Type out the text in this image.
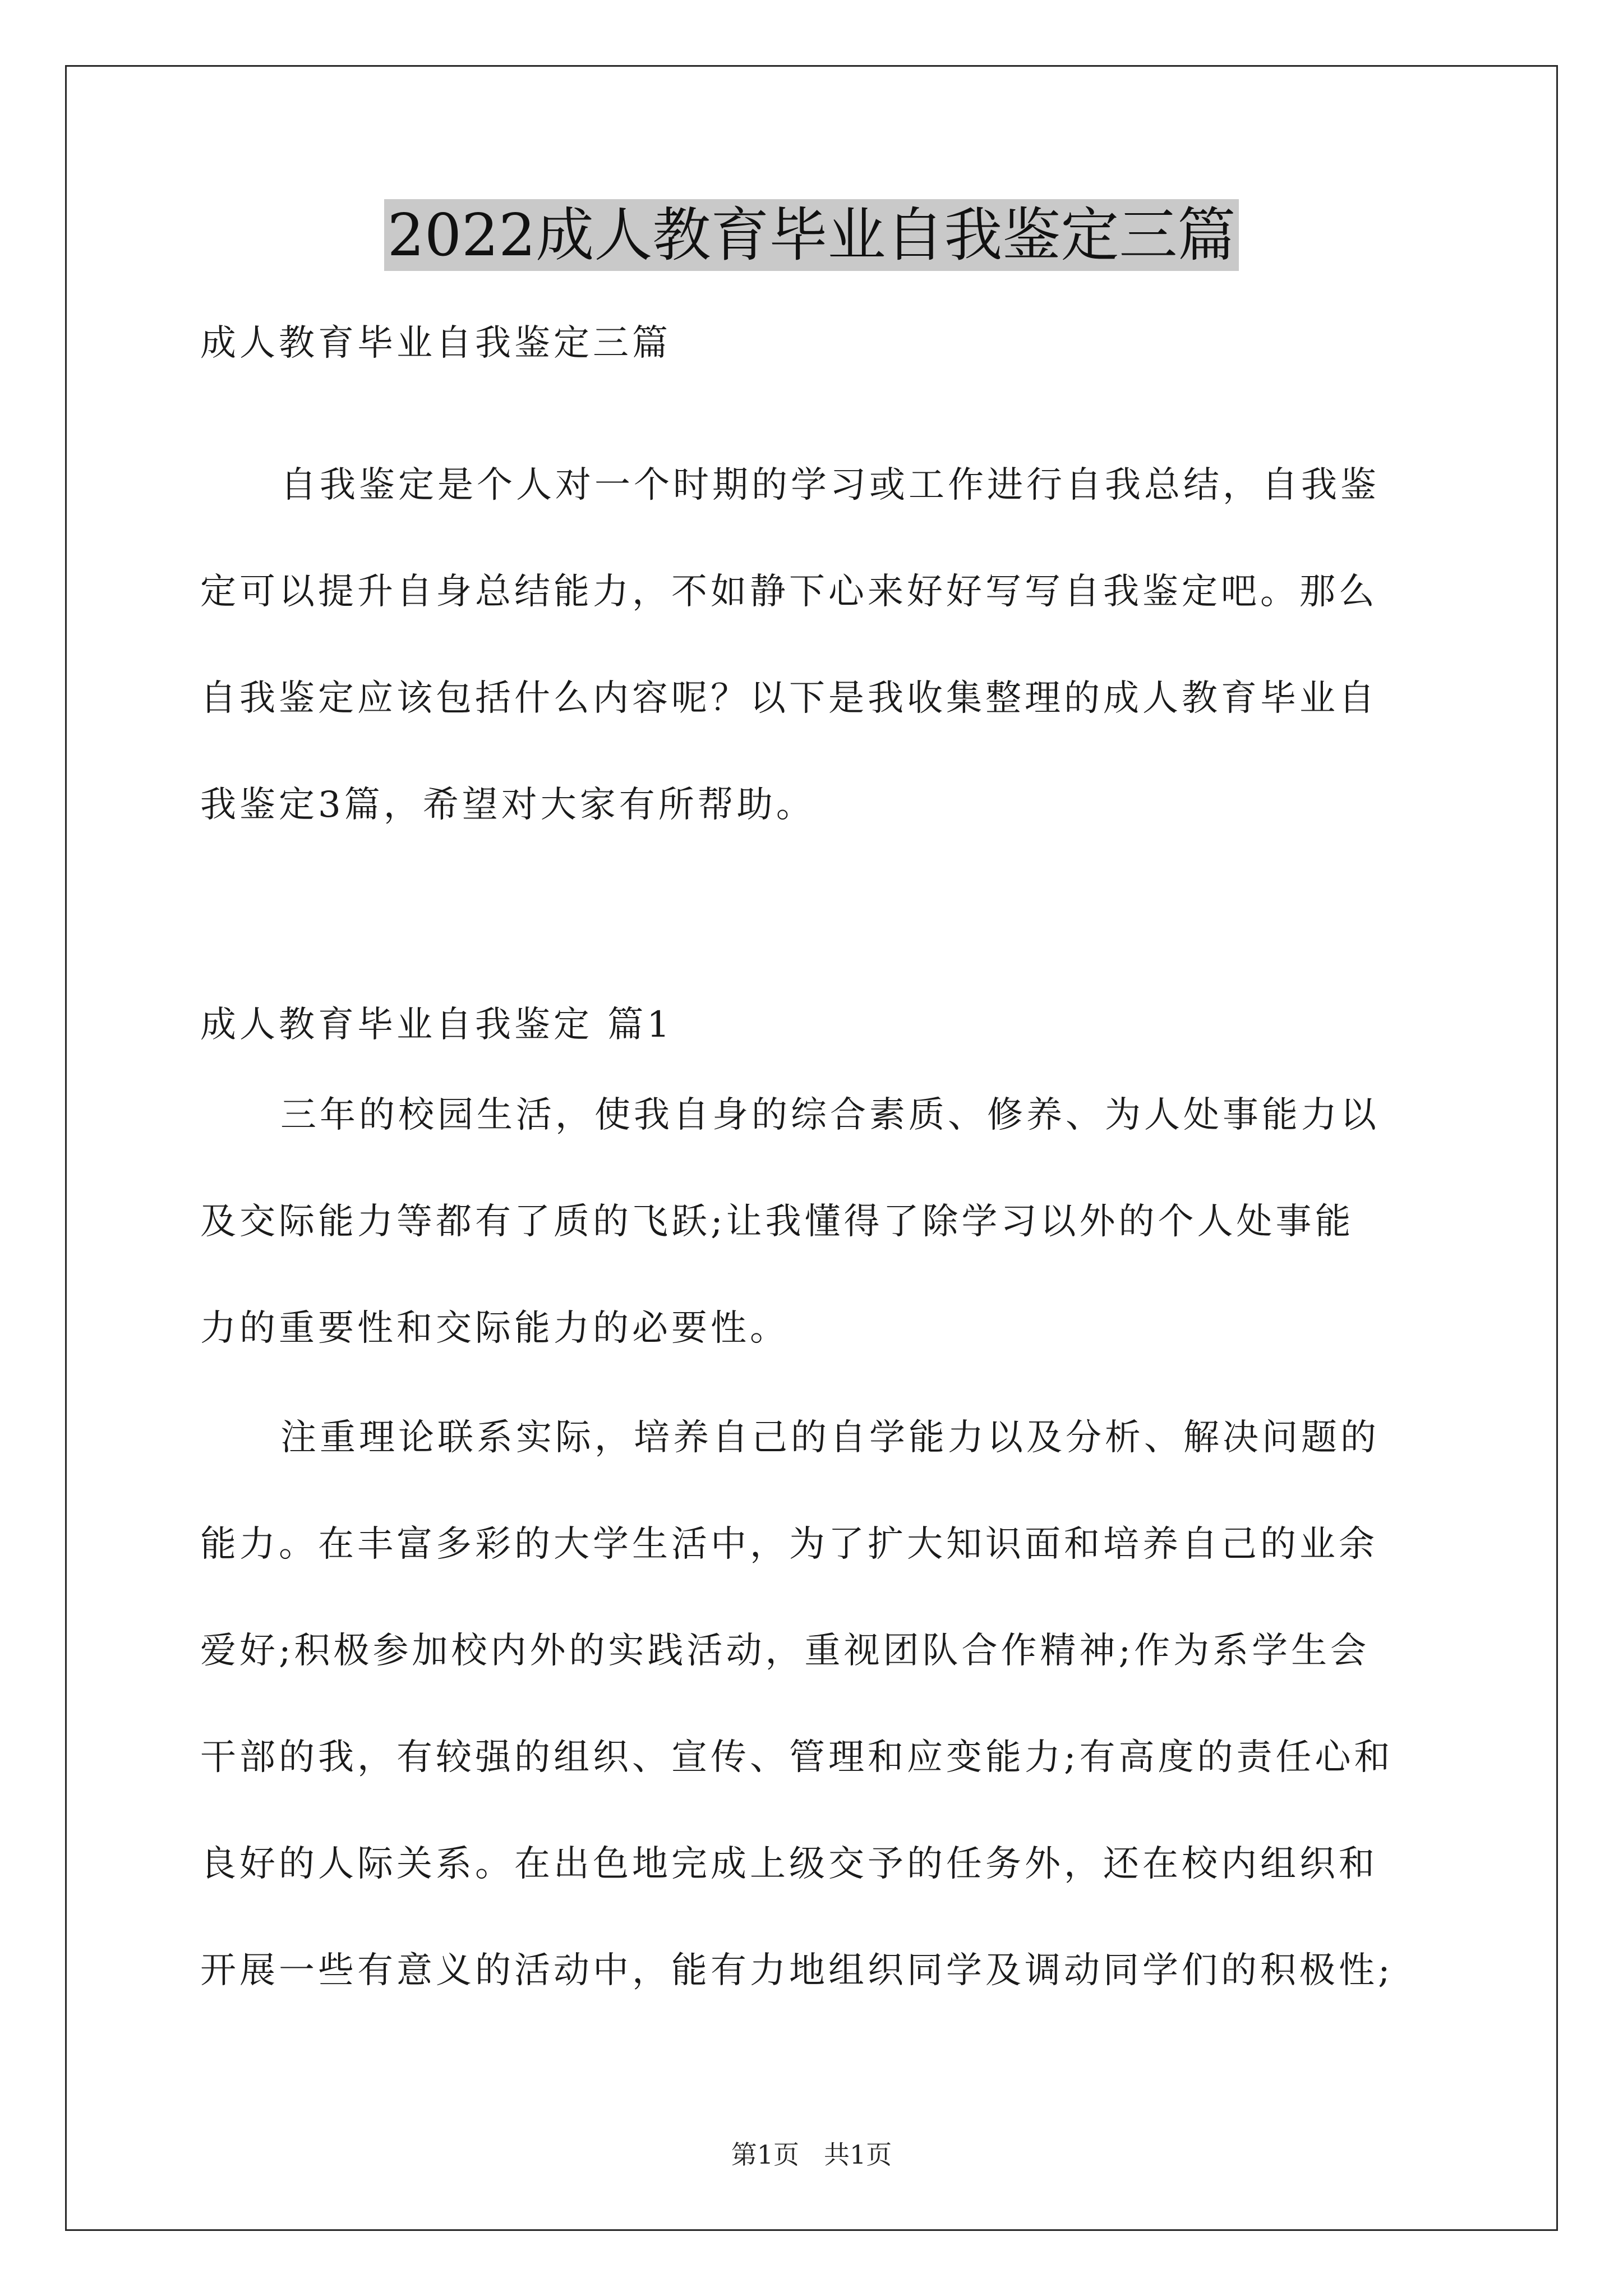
2022成人教育毕业自我鉴定三篇
成人教育毕业自我鉴定三篇
自我鉴定是个人对一个时期的学习或工作进行自我总结，自我鉴
定可以提升自身总结能力，不如静下心来好好写写自我鉴定吧。那么
自我鉴定应该包括什么内容呢？以下是我收集整理的成人教育毕业自
我鉴定3篇，希望对大家有所帮助。
成人教育毕业自我鉴定 篇1
三年的校园生活，使我自身的综合素质、修养、为人处事能力以
及交际能力等都有了质的飞跃;让我懂得了除学习以外的个人处事能
力的重要性和交际能力的必要性。
注重理论联系实际，培养自己的自学能力以及分析、解决问题的
能力。在丰富多彩的大学生活中，为了扩大知识面和培养自己的业余
爱好;积极参加校内外的实践活动，重视团队合作精神;作为系学生会
干部的我，有较强的组织、宣传、管理和应变能力;有高度的责任心和
良好的人际关系。在出色地完成上级交予的任务外，还在校内组织和
开展一些有意义的活动中，能有力地组织同学及调动同学们的积极性;
第1页 共1页
